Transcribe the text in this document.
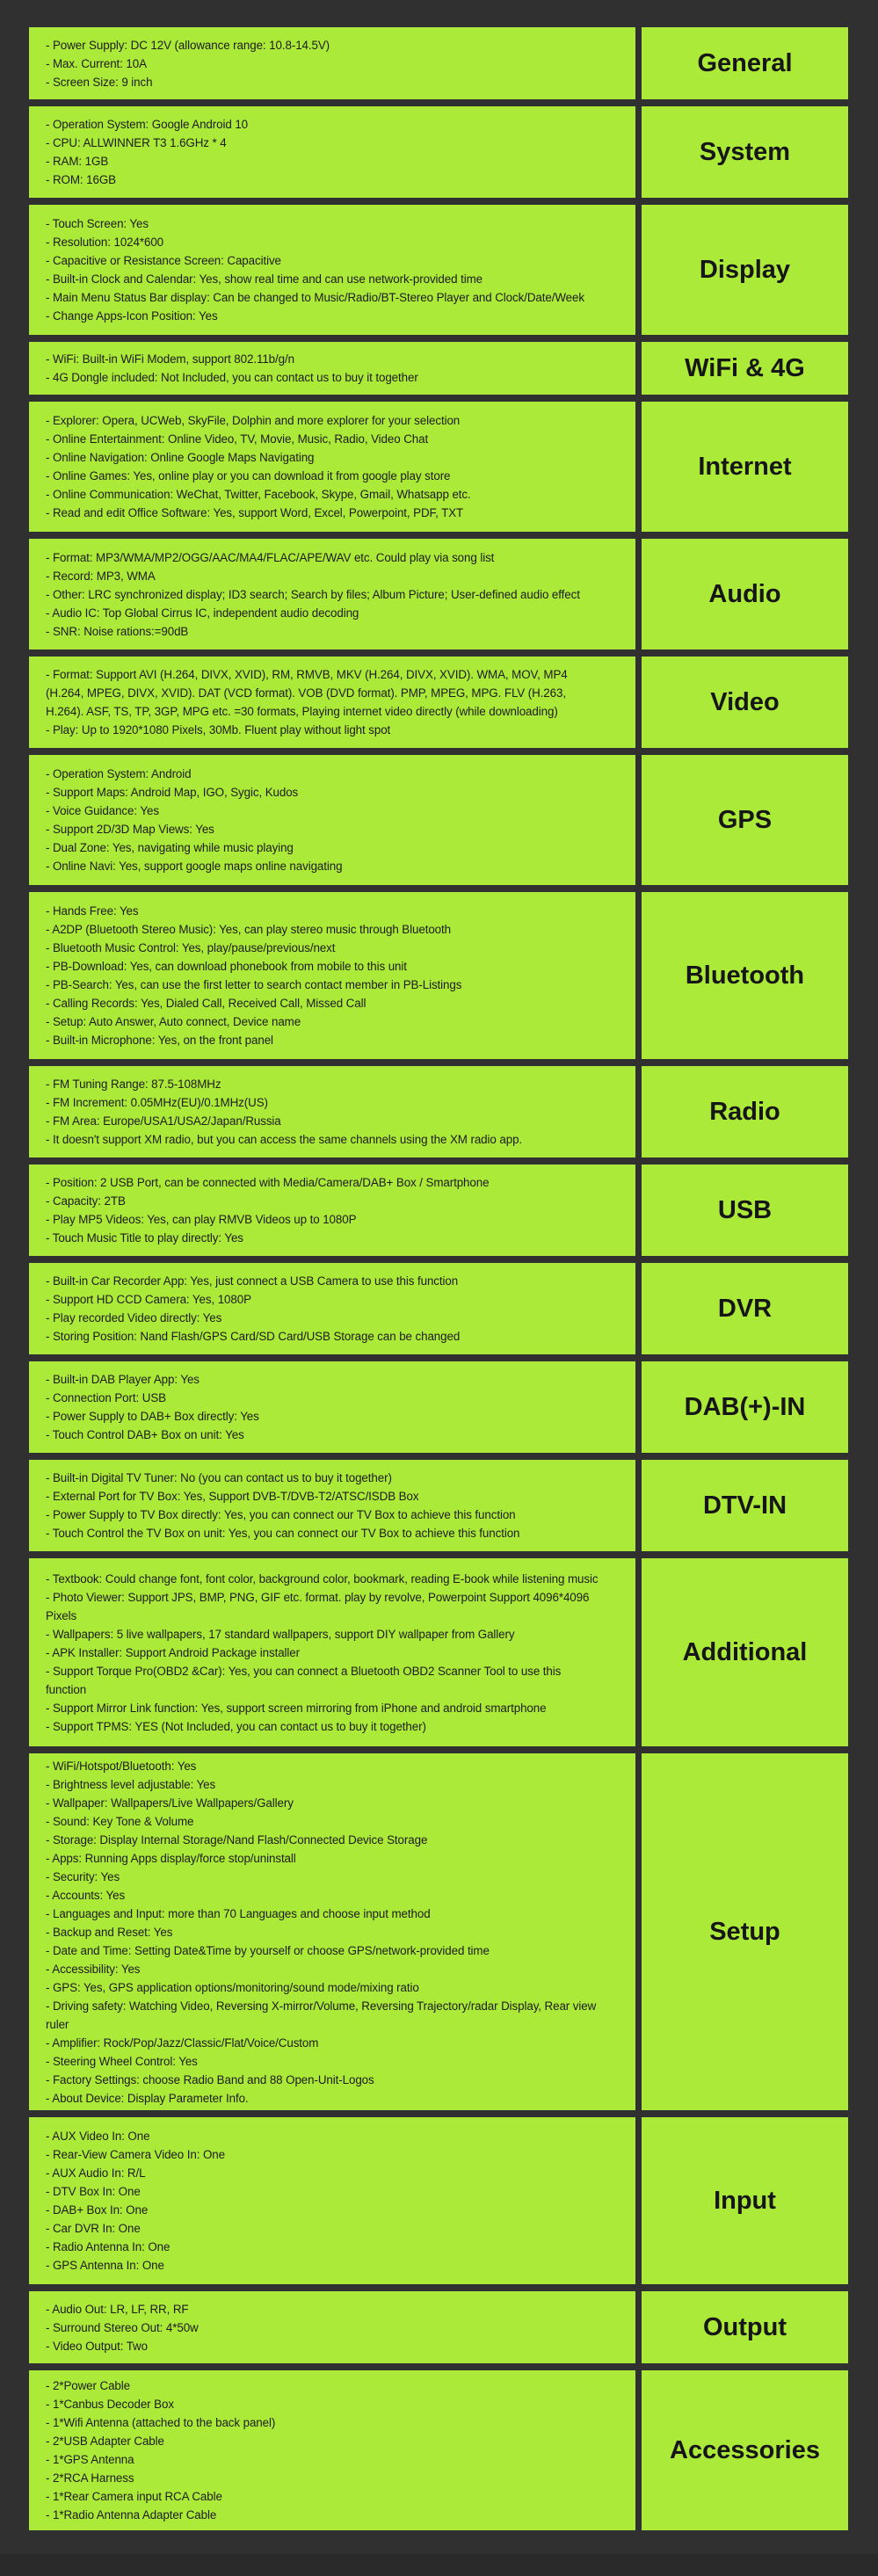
- Power Supply: DC 12V (allowance range: 10.8-14.5V)
- Max. Current: 10A
- Screen Size: 9 inch
General
- Operation System: Google Android 10
- CPU: ALLWINNER T3 1.6GHz * 4
- RAM: 1GB
- ROM: 16GB
System
- Touch Screen: Yes
- Resolution: 1024*600
- Capacitive or Resistance Screen: Capacitive
- Built-in Clock and Calendar: Yes, show real time and can use network-provided time
- Main Menu Status Bar display: Can be changed to Music/Radio/BT-Stereo Player and Clock/Date/Week
- Change Apps-Icon Position: Yes
Display
- WiFi: Built-in WiFi Modem, support 802.11b/g/n
- 4G Dongle included: Not Included, you can contact us to buy it together	WiFi & 4G
- Explorer: Opera, UCWeb, SkyFile, Dolphin and more explorer for your selection
- Online Entertainment: Online Video, TV, Movie, Music, Radio, Video Chat
- Online Navigation: Online Google Maps Navigating
- Online Games: Yes, online play or you can download it from google play store
- Online Communication: WeChat, Twitter, Facebook, Skype, Gmail, Whatsapp etc.
- Read and edit Office Software: Yes, support Word, Excel, Powerpoint, PDF, TXT
Internet
- Format: MP3/WMA/MP2/OGG/AAC/MA4/FLAC/APE/WAV etc. Could play via song list
- Record: MP3, WMA
- Other: LRC synchronized display; ID3 search; Search by files; Album Picture; User-defined audio effect
- Audio IC: Top Global Cirrus IC, independent audio decoding
- SNR: Noise rations:=90dB
Audio
- Format: Support AVI (H.264, DIVX, XVID), RM, RMVB, MKV (H.264, DIVX, XVID). WMA, MOV, MP4
(H.264, MPEG, DIVX, XVID). DAT (VCD format). VOB (DVD format). PMP, MPEG, MPG. FLV (H.263,
H.264). ASF, TS, TP, 3GP, MPG etc. =30 formats, Playing internet video directly (while downloading)
- Play: Up to 1920*1080 Pixels, 30Mb. Fluent play without light spot
Video
- Operation System: Android
- Support Maps: Android Map, IGO, Sygic, Kudos
- Voice Guidance: Yes
- Support 2D/3D Map Views: Yes
- Dual Zone: Yes, navigating while music playing
- Online Navi: Yes, support google maps online navigating
GPS
- Hands Free: Yes
- A2DP (Bluetooth Stereo Music): Yes, can play stereo music through Bluetooth
- Bluetooth Music Control: Yes, play/pause/previous/next
- PB-Download: Yes, can download phonebook from mobile to this unit
- PB-Search: Yes, can use the first letter to search contact member in PB-Listings
- Calling Records: Yes, Dialed Call, Received Call, Missed Call
- Setup: Auto Answer, Auto connect, Device name
- Built-in Microphone: Yes, on the front panel
Bluetooth
- FM Tuning Range: 87.5-108MHz
- FM Increment: 0.05MHz(EU)/0.1MHz(US)
- FM Area: Europe/USA1/USA2/Japan/Russia
- It doesn't support XM radio, but you can access the same channels using the XM radio app.
Radio
- Position: 2 USB Port, can be connected with Media/Camera/DAB+ Box / Smartphone
- Capacity: 2TB
- Play MP5 Videos: Yes, can play RMVB Videos up to 1080P
- Touch Music Title to play directly: Yes
USB
- Built-in Car Recorder App: Yes, just connect a USB Camera to use this function
- Support HD CCD Camera: Yes, 1080P
- Play recorded Video directly: Yes
- Storing Position: Nand Flash/GPS Card/SD Card/USB Storage can be changed
DVR
- Built-in DAB Player App: Yes
- Connection Port: USB
- Power Supply to DAB+ Box directly: Yes
- Touch Control DAB+ Box on unit: Yes
DAB(+)-IN
- Built-in Digital TV Tuner: No (you can contact us to buy it together)
- External Port for TV Box: Yes, Support DVB-T/DVB-T2/ATSC/ISDB Box
- Power Supply to TV Box directly: Yes, you can connect our TV Box to achieve this function
- Touch Control the TV Box on unit: Yes, you can connect our TV Box to achieve this function
DTV-IN
- Textbook: Could change font, font color, background color, bookmark, reading E-book while listening music
- Photo Viewer: Support JPS, BMP, PNG, GIF etc. format. play by revolve, Powerpoint Support 4096*4096
Pixels
- Wallpapers: 5 live wallpapers, 17 standard wallpapers, support DIY wallpaper from Gallery
- APK Installer: Support Android Package installer
- Support Torque Pro(OBD2 &Car): Yes, you can connect a Bluetooth OBD2 Scanner Tool to use this
function
- Support Mirror Link function: Yes, support screen mirroring from iPhone and android smartphone
- Support TPMS: YES (Not Included, you can contact us to buy it together)
Additional
- WiFi/Hotspot/Bluetooth: Yes
- Brightness level adjustable: Yes
- Wallpaper: Wallpapers/Live Wallpapers/Gallery
- Sound: Key Tone & Volume
- Storage: Display Internal Storage/Nand Flash/Connected Device Storage
- Apps: Running Apps display/force stop/uninstall
- Security: Yes
- Accounts: Yes
- Languages and Input: more than 70 Languages and choose input method
- Backup and Reset: Yes
- Date and Time: Setting Date&Time by yourself or choose GPS/network-provided time
- Accessibility: Yes
- GPS: Yes, GPS application options/monitoring/sound mode/mixing ratio
- Driving safety: Watching Video, Reversing X-mirror/Volume, Reversing Trajectory/radar Display, Rear view
ruler
- Amplifier: Rock/Pop/Jazz/Classic/Flat/Voice/Custom
- Steering Wheel Control: Yes
- Factory Settings: choose Radio Band and 88 Open-Unit-Logos
- About Device: Display Parameter Info.
Setup
- AUX Video In: One
- Rear-View Camera Video In: One
- AUX Audio In: R/L
- DTV Box In: One
- DAB+ Box In: One
- Car DVR In: One
- Radio Antenna In: One
- GPS Antenna In: One
Input
- Audio Out: LR, LF, RR, RF
- Surround Stereo Out: 4*50w
- Video Output: Two
Output
- 2*Power Cable
- 1*Canbus Decoder Box
- 1*Wifi Antenna (attached to the back panel)
- 2*USB Adapter Cable
- 1*GPS Antenna
- 2*RCA Harness
- 1*Rear Camera input RCA Cable
- 1*Radio Antenna Adapter Cable
Accessories
